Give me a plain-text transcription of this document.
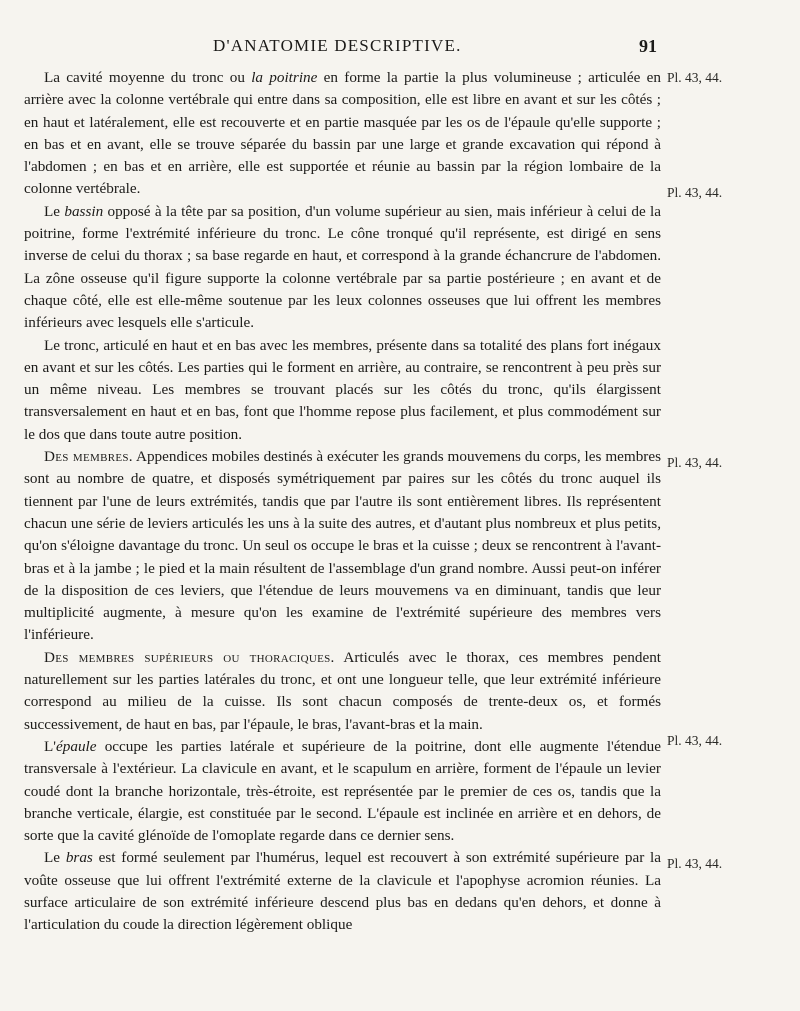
D'ANATOMIE DESCRIPTIVE.	91

La cavité moyenne du tronc ou la poitrine en forme la partie la plus volumineuse ; articulée en arrière avec la colonne vertébrale qui entre dans sa composition, elle est libre en avant et sur les côtés ; en haut et latéralement, elle est recouverte et en partie masquée par les os de l'épaule qu'elle supporte ; en bas et en avant, elle se trouve séparée du bassin par une large et grande excavation qui répond à l'abdomen ; en bas et en arrière, elle est supportée et réunie au bassin par la région lombaire de la colonne vertébrale.

Le bassin opposé à la tête par sa position, d'un volume supérieur au sien, mais inférieur à celui de la poitrine, forme l'extrémité inférieure du tronc. Le cône tronqué qu'il représente, est dirigé en sens inverse de celui du thorax ; sa base regarde en haut, et correspond à la grande échancrure de l'abdomen. La zône osseuse qu'il figure supporte la colonne vertébrale par sa partie postérieure ; en avant et de chaque côté, elle est elle-même soutenue par les leux colonnes osseuses que lui offrent les membres inférieurs avec lesquels elle s'articule.

Le tronc, articulé en haut et en bas avec les membres, présente dans sa totalité des plans fort inégaux en avant et sur les côtés. Les parties qui le forment en arrière, au contraire, se rencontrent à peu près sur un même niveau. Les membres se trouvant placés sur les côtés du tronc, qu'ils élargissent transversalement en haut et en bas, font que l'homme repose plus facilement, et plus commodément sur le dos que dans toute autre position.

Des membres. Appendices mobiles destinés à exécuter les grands mouvemens du corps, les membres sont au nombre de quatre, et disposés symétriquement par paires sur les côtés du tronc auquel ils tiennent par l'une de leurs extrémités, tandis que par l'autre ils sont entièrement libres. Ils représentent chacun une série de leviers articulés les uns à la suite des autres, et d'autant plus nombreux et plus petits, qu'on s'éloigne davantage du tronc. Un seul os occupe le bras et la cuisse ; deux se rencontrent à l'avant-bras et à la jambe ; le pied et la main résultent de l'assemblage d'un grand nombre. Aussi peut-on inférer de la disposition de ces leviers, que l'étendue de leurs mouvemens va en diminuant, tandis que leur multiplicité augmente, à mesure qu'on les examine de l'extrémité supérieure des membres vers l'inférieure.

Des membres supérieurs ou thoraciques. Articulés avec le thorax, ces membres pendent naturellement sur les parties latérales du tronc, et ont une longueur telle, que leur extrémité inférieure correspond au milieu de la cuisse. Ils sont chacun composés de trente-deux os, et formés successivement, de haut en bas, par l'épaule, le bras, l'avant-bras et la main.

L'épaule occupe les parties latérale et supérieure de la poitrine, dont elle augmente l'étendue transversale à l'extérieur. La clavicule en avant, et le scapulum en arrière, forment de l'épaule un levier coudé dont la branche horizontale, très-étroite, est représentée par le premier de ces os, tandis que la branche verticale, élargie, est constituée par le second. L'épaule est inclinée en arrière et en dehors, de sorte que la cavité glénoïde de l'omoplate regarde dans ce dernier sens.

Le bras est formé seulement par l'humérus, lequel est recouvert à son extrémité supérieure par la voûte osseuse que lui offrent l'extrémité externe de la clavicule et l'apophyse acromion réunies. La surface articulaire de son extrémité inférieure descend plus bas en dedans qu'en dehors, et donne à l'articulation du coude la direction légèrement oblique

Pl. 43, 44.
Pl. 43, 44.
Pl. 43, 44.
Pl. 43, 44.
Pl. 43, 44.
